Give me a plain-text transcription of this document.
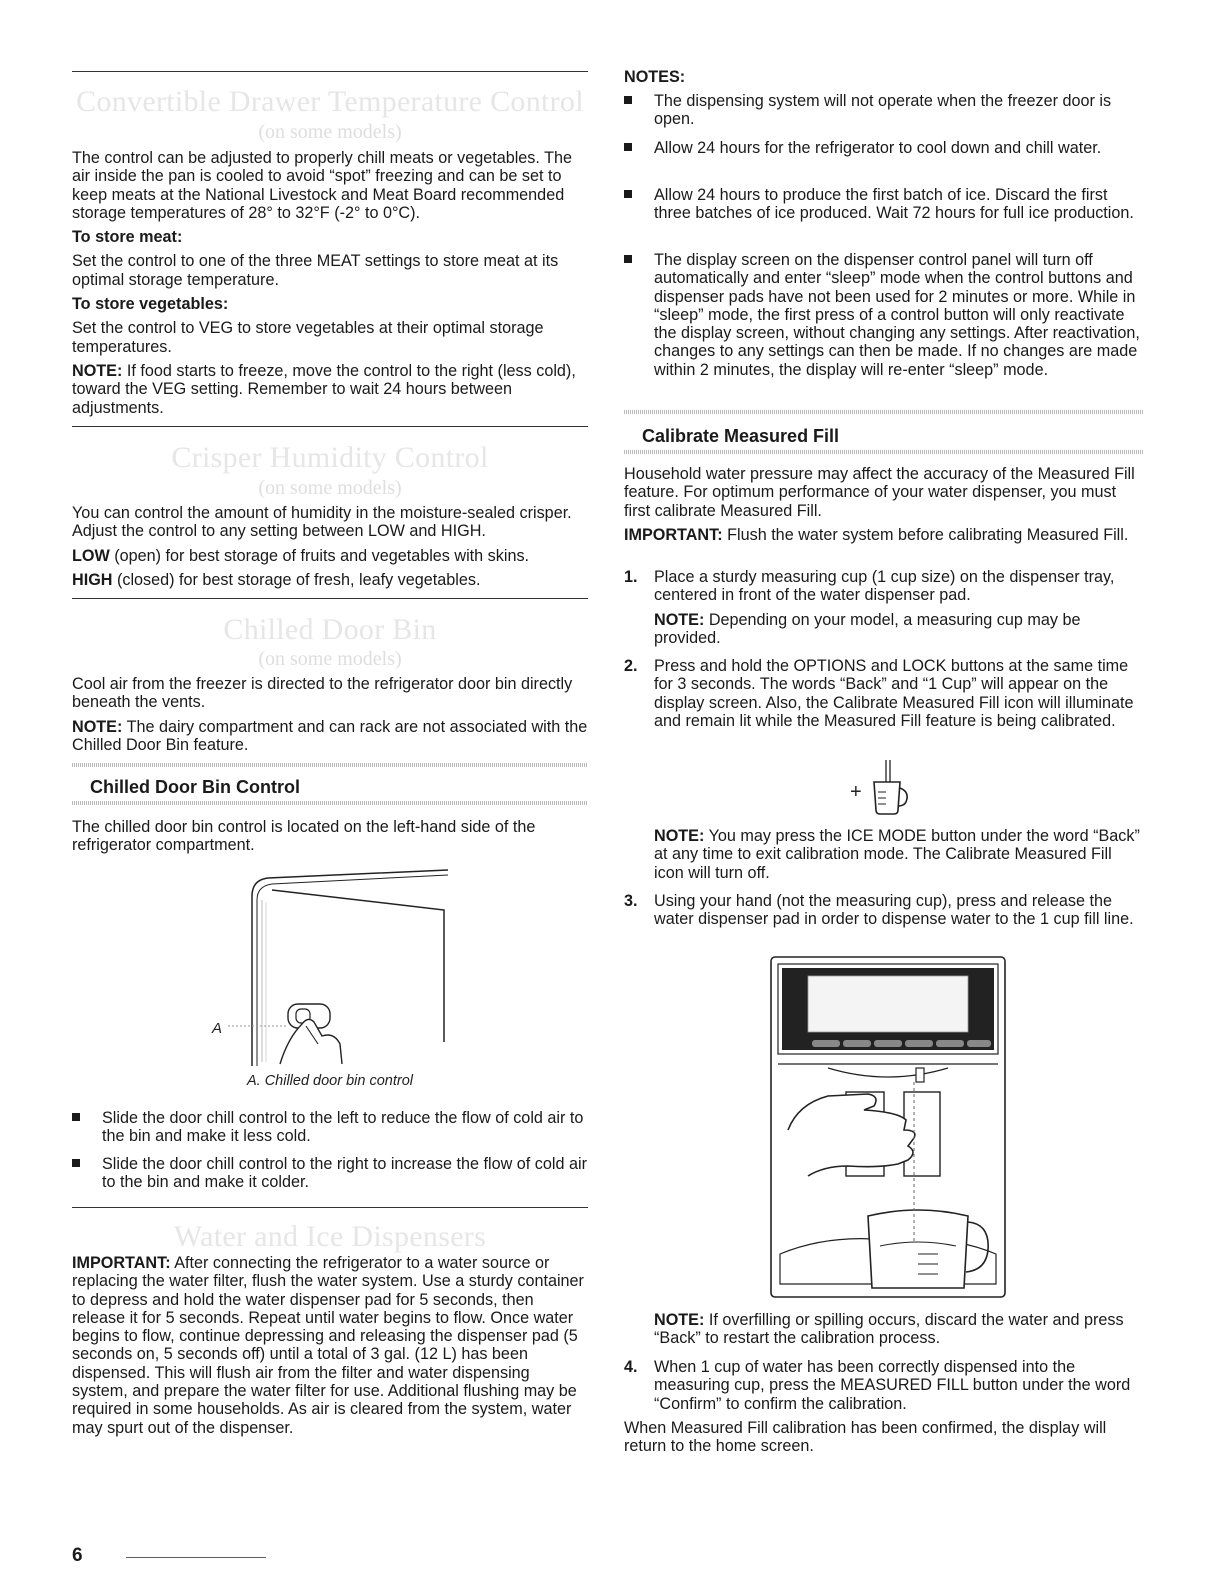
Convertible Drawer Temperature Control
(on some models)

The control can be adjusted to properly chill meats or vegetables. The air inside the pan is cooled to avoid “spot” freezing and can be set to keep meats at the National Livestock and Meat Board recommended storage temperatures of 28° to 32°F (-2° to 0°C).

To store meat:

Set the control to one of the three MEAT settings to store meat at its optimal storage temperature.

To store vegetables:

Set the control to VEG to store vegetables at their optimal storage temperatures.

NOTE: If food starts to freeze, move the control to the right (less cold), toward the VEG setting. Remember to wait 24 hours between adjustments.

Crisper Humidity Control
(on some models)

You can control the amount of humidity in the moisture-sealed crisper. Adjust the control to any setting between LOW and HIGH.

LOW (open) for best storage of fruits and vegetables with skins.

HIGH (closed) for best storage of fresh, leafy vegetables.

Chilled Door Bin
(on some models)

Cool air from the freezer is directed to the refrigerator door bin directly beneath the vents.

NOTE: The dairy compartment and can rack are not associated with the Chilled Door Bin feature.

Chilled Door Bin Control

The chilled door bin control is located on the left-hand side of the refrigerator compartment.

A
A. Chilled door bin control

Slide the door chill control to the left to reduce the flow of cold air to the bin and make it less cold.

Slide the door chill control to the right to increase the flow of cold air to the bin and make it colder.

Water and Ice Dispensers

IMPORTANT: After connecting the refrigerator to a water source or replacing the water filter, flush the water system. Use a sturdy container to depress and hold the water dispenser pad for 5 seconds, then release it for 5 seconds. Repeat until water begins to flow. Once water begins to flow, continue depressing and releasing the dispenser pad (5 seconds on, 5 seconds off) until a total of 3 gal. (12 L) has been dispensed. This will flush air from the filter and water dispensing system, and prepare the water filter for use. Additional flushing may be required in some households. As air is cleared from the system, water may spurt out of the dispenser.

NOTES:

The dispensing system will not operate when the freezer door is open.

Allow 24 hours for the refrigerator to cool down and chill water.

Allow 24 hours to produce the first batch of ice. Discard the first three batches of ice produced. Wait 72 hours for full ice production.

The display screen on the dispenser control panel will turn off automatically and enter “sleep” mode when the control buttons and dispenser pads have not been used for 2 minutes or more. While in “sleep” mode, the first press of a control button will only reactivate the display screen, without changing any settings. After reactivation, changes to any settings can then be made. If no changes are made within 2 minutes, the display will re-enter “sleep” mode.

Calibrate Measured Fill

Household water pressure may affect the accuracy of the Measured Fill feature. For optimum performance of your water dispenser, you must first calibrate Measured Fill.

IMPORTANT: Flush the water system before calibrating Measured Fill.

1. Place a sturdy measuring cup (1 cup size) on the dispenser tray, centered in front of the water dispenser pad.

NOTE: Depending on your model, a measuring cup may be provided.

2. Press and hold the OPTIONS and LOCK buttons at the same time for 3 seconds. The words “Back” and “1 Cup” will appear on the display screen. Also, the Calibrate Measured Fill icon will illuminate and remain lit while the Measured Fill feature is being calibrated.

+

NOTE: You may press the ICE MODE button under the word “Back” at any time to exit calibration mode. The Calibrate Measured Fill icon will turn off.

3. Using your hand (not the measuring cup), press and release the water dispenser pad in order to dispense water to the 1 cup fill line.

NOTE: If overfilling or spilling occurs, discard the water and press “Back” to restart the calibration process.

4. When 1 cup of water has been correctly dispensed into the measuring cup, press the MEASURED FILL button under the word “Confirm” to confirm the calibration.

When Measured Fill calibration has been confirmed, the display will return to the home screen.

6
